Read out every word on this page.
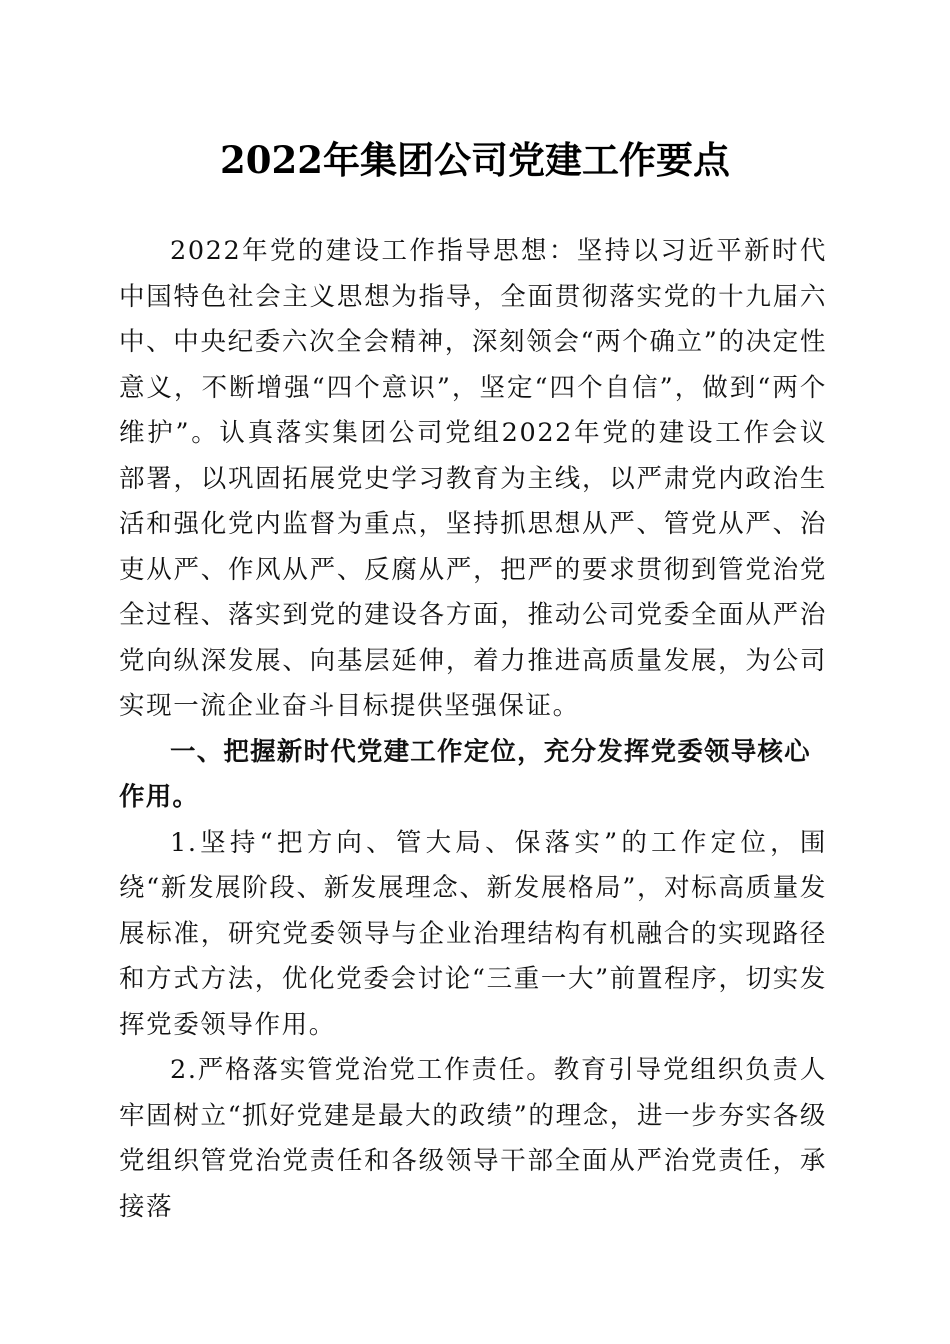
2022年集团公司党建工作要点

2022年党的建设工作指导思想：坚持以习近平新时代中国特色社会主义思想为指导，全面贯彻落实党的十九届六中、中央纪委六次全会精神，深刻领会“两个确立”的决定性意义，不断增强“四个意识”，坚定“四个自信”，做到“两个维护”。认真落实集团公司党组2022年党的建设工作会议部署，以巩固拓展党史学习教育为主线，以严肃党内政治生活和强化党内监督为重点，坚持抓思想从严、管党从严、治吏从严、作风从严、反腐从严，把严的要求贯彻到管党治党全过程、落实到党的建设各方面，推动公司党委全面从严治党向纵深发展、向基层延伸，着力推进高质量发展，为公司实现一流企业奋斗目标提供坚强保证。

一、把握新时代党建工作定位，充分发挥党委领导核心作用。

1.坚持“把方向、管大局、保落实”的工作定位，围绕“新发展阶段、新发展理念、新发展格局”，对标高质量发展标准，研究党委领导与企业治理结构有机融合的实现路径和方式方法，优化党委会讨论“三重一大”前置程序，切实发挥党委领导作用。

2.严格落实管党治党工作责任。教育引导党组织负责人牢固树立“抓好党建是最大的政绩”的理念，进一步夯实各级党组织管党治党责任和各级领导干部全面从严治党责任，承接落
